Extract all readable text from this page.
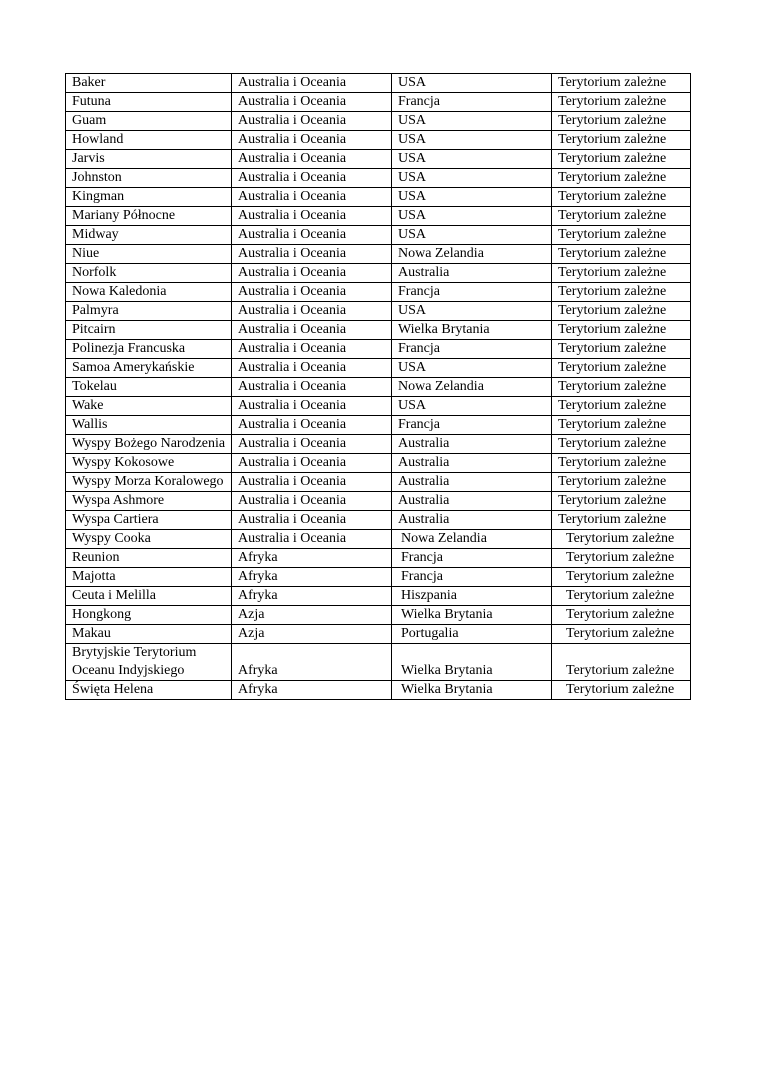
Baker	Australia i Oceania	USA	Terytorium zależne
Futuna	Australia i Oceania	Francja	Terytorium zależne
Guam	Australia i Oceania	USA	Terytorium zależne
Howland	Australia i Oceania	USA	Terytorium zależne
Jarvis	Australia i Oceania	USA	Terytorium zależne
Johnston	Australia i Oceania	USA	Terytorium zależne
Kingman	Australia i Oceania	USA	Terytorium zależne
Mariany Północne	Australia i Oceania	USA	Terytorium zależne
Midway	Australia i Oceania	USA	Terytorium zależne
Niue	Australia i Oceania	Nowa Zelandia	Terytorium zależne
Norfolk	Australia i Oceania	Australia	Terytorium zależne
Nowa Kaledonia	Australia i Oceania	Francja	Terytorium zależne
Palmyra	Australia i Oceania	USA	Terytorium zależne
Pitcairn	Australia i Oceania	Wielka Brytania	Terytorium zależne
Polinezja Francuska	Australia i Oceania	Francja	Terytorium zależne
Samoa Amerykańskie	Australia i Oceania	USA	Terytorium zależne
Tokelau	Australia i Oceania	Nowa Zelandia	Terytorium zależne
Wake	Australia i Oceania	USA	Terytorium zależne
Wallis	Australia i Oceania	Francja	Terytorium zależne
Wyspy Bożego Narodzenia	Australia i Oceania	Australia	Terytorium zależne
Wyspy Kokosowe	Australia i Oceania	Australia	Terytorium zależne
Wyspy Morza Koralowego	Australia i Oceania	Australia	Terytorium zależne
Wyspa Ashmore	Australia i Oceania	Australia	Terytorium zależne
Wyspa Cartiera	Australia i Oceania	Australia	Terytorium zależne
Wyspy Cooka	Australia i Oceania	Nowa Zelandia	Terytorium zależne
Reunion	Afryka	Francja	Terytorium zależne
Majotta	Afryka	Francja	Terytorium zależne
Ceuta i Melilla	Afryka	Hiszpania	Terytorium zależne
Hongkong	Azja	Wielka Brytania	Terytorium zależne
Makau	Azja	Portugalia	Terytorium zależne
Brytyjskie Terytorium Oceanu Indyjskiego	Afryka	Wielka Brytania	Terytorium zależne
Święta Helena	Afryka	Wielka Brytania	Terytorium zależne
